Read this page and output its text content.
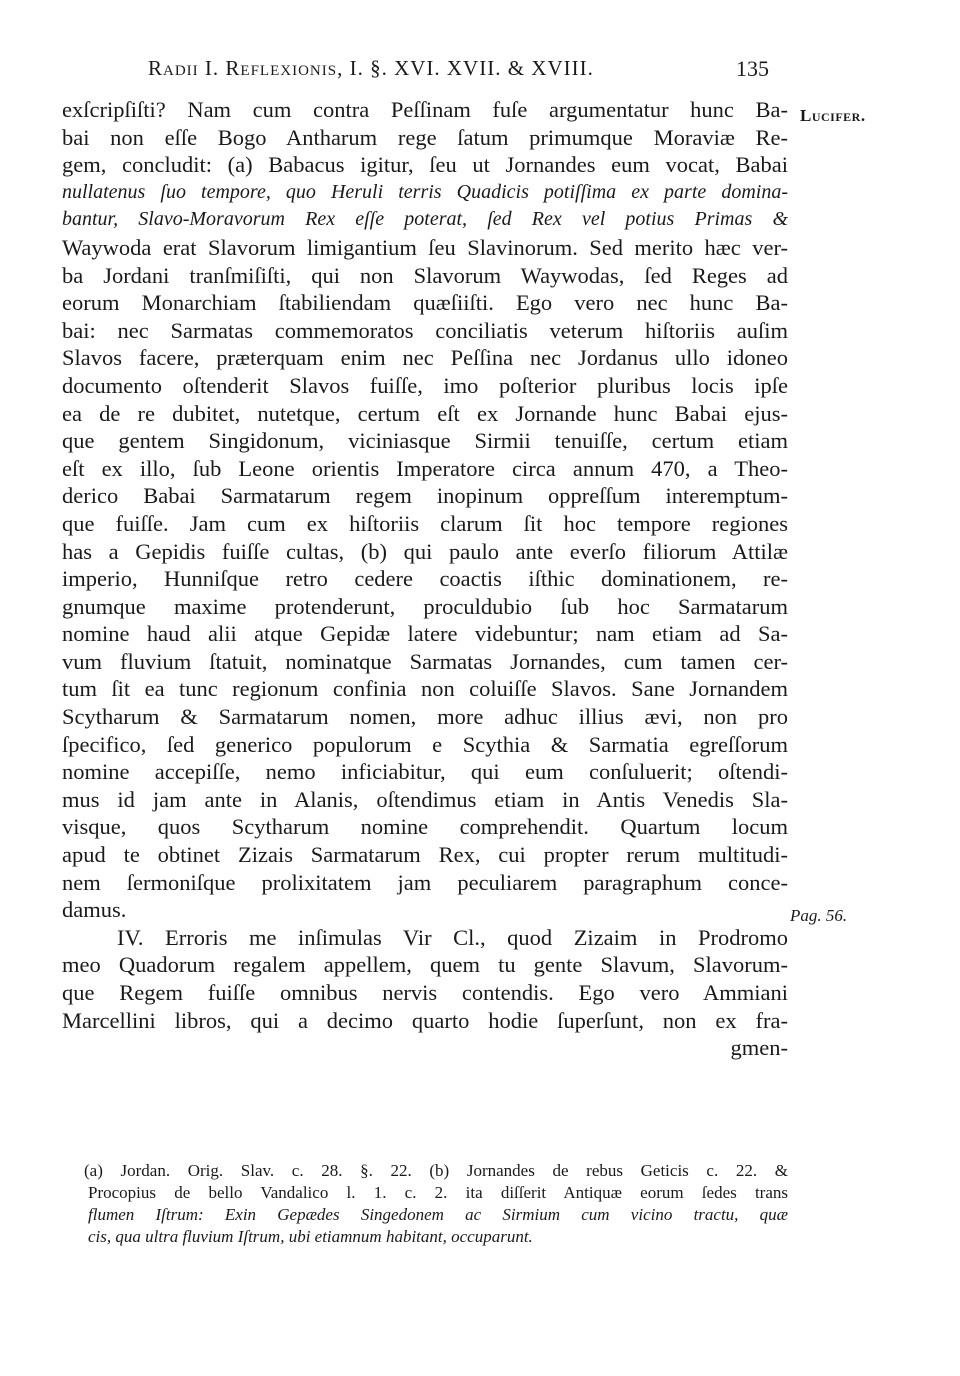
Radii I. Reflexionis, I. §. XVI. XVII. & XVIII.	135
Lucifer.
Pag. 56.
exſcripſiſti? Nam cum contra Peſſinam fuſe argumentatur hunc Ba-
bai non eſſe Bogo Antharum rege ſatum primumque Moraviæ Re-
gem, concludit: (a) Babacus igitur, ſeu ut Jornandes eum vocat, Babai
nullatenus ſuo tempore, quo Heruli terris Quadicis potiſſima ex parte domina-
bantur, Slavo-Moravorum Rex eſſe poterat, ſed Rex vel potius Primas &
Waywoda erat Slavorum limigantium ſeu Slavinorum. Sed merito hæc ver-
ba Jordani tranſmiſiſti, qui non Slavorum Waywodas, ſed Reges ad
eorum Monarchiam ſtabiliendam quæſiiſti. Ego vero nec hunc Ba-
bai: nec Sarmatas commemoratos conciliatis veterum hiſtoriis auſim
Slavos facere, præterquam enim nec Peſſina nec Jordanus ullo idoneo
documento oſtenderit Slavos fuiſſe, imo poſterior pluribus locis ipſe
ea de re dubitet, nutetque, certum eſt ex Jornande hunc Babai ejus-
que gentem Singidonum, viciniasque Sirmii tenuiſſe, certum etiam
eſt ex illo, ſub Leone orientis Imperatore circa annum 470, a Theo-
derico Babai Sarmatarum regem inopinum oppreſſum interemptum-
que fuiſſe. Jam cum ex hiſtoriis clarum ſit hoc tempore regiones
has a Gepidis fuiſſe cultas, (b) qui paulo ante everſo filiorum Attilæ
imperio, Hunniſque retro cedere coactis iſthic dominationem, re-
gnumque maxime protenderunt, proculdubio ſub hoc Sarmatarum
nomine haud alii atque Gepidæ latere videbuntur; nam etiam ad Sa-
vum fluvium ſtatuit, nominatque Sarmatas Jornandes, cum tamen cer-
tum ſit ea tunc regionum confinia non coluiſſe Slavos. Sane Jornandem
Scytharum & Sarmatarum nomen, more adhuc illius ævi, non pro
ſpecifico, ſed generico populorum e Scythia & Sarmatia egreſſorum
nomine accepiſſe, nemo inficiabitur, qui eum conſuluerit; oſtendi-
mus id jam ante in Alanis, oſtendimus etiam in Antis Venedis Sla-
visque, quos Scytharum nomine comprehendit. Quartum locum
apud te obtinet Zizais Sarmatarum Rex, cui propter rerum multitudi-
nem ſermoniſque prolixitatem jam peculiarem paragraphum conce-
damus.
IV. Erroris me inſimulas Vir Cl., quod Zizaim in Prodromo
meo Quadorum regalem appellem, quem tu gente Slavum, Slavorum-
que Regem fuiſſe omnibus nervis contendis. Ego vero Ammiani
Marcellini libros, qui a decimo quarto hodie ſuperſunt, non ex fra-
gmen-
(a) Jordan. Orig. Slav. c. 28. §. 22. (b) Jornandes de rebus Geticis c. 22. &
Procopius de bello Vandalico l. 1. c. 2. ita diſſerit Antiquæ eorum ſedes trans
flumen Iſtrum: Exin Gepædes Singedonem ac Sirmium cum vicino tractu, quæ
cis, qua ultra fluvium Iſtrum, ubi etiamnum habitant, occuparunt.
